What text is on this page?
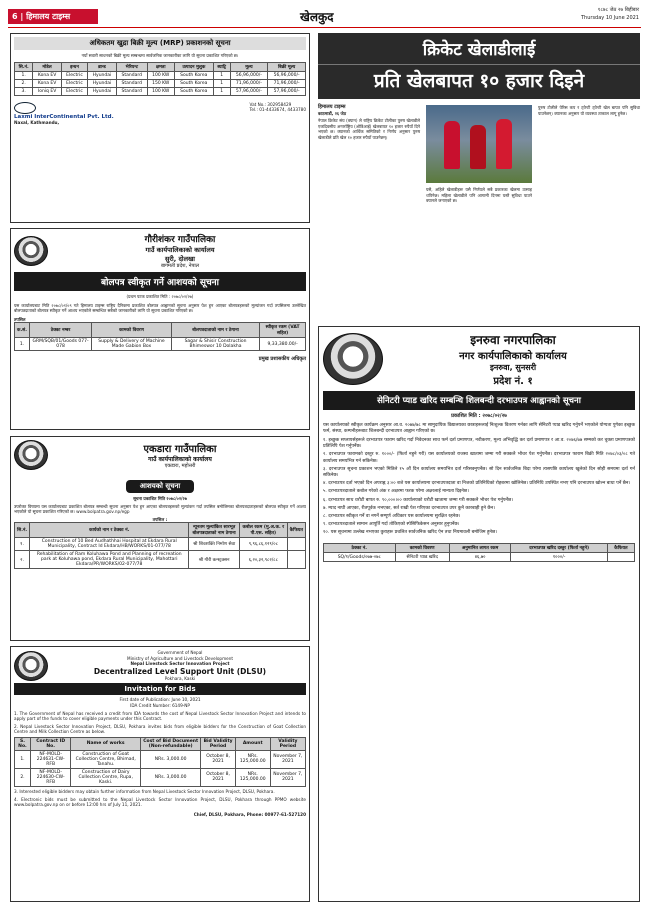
6 | हिमालय टाइम्स	खेलकुद	१८७८ जेठ २७ बिहीबार
Thursday 10 June 2021
अधिकतम खुद्रा बिक्री मूल्य (MRP) प्रकाशनको सूचना
नयाँ सवारी साधनको बिक्री मूल्य सम्बन्धमा सार्वजनिक जानकारीका लागि यो सूचना प्रकाशित गरिएको छ।
सि.नं.	मोडेल	इन्धन	ब्रान्ड	भेरियन्ट	क्षमता	उत्पादन मुलुक	ब्याट्रि	मूल्य	बिक्री मूल्य
1.	Kona EV	Electric	Hyundai	Standard	100 KW	South Korea	1	56,96,000/-	56,96,000/-
2.	Kona EV	Electric	Hyundai	Standard	150 KW	South Korea	1	71,96,000/-	71,96,000/-
3.	Ioniq EV	Electric	Hyundai	Standard	100 KW	South Korea	1	57,96,000/-	57,96,000/-
Laxmi InterContinental Pvt. Ltd.
Naxal, Kathmandu,
Vat No.: 302958429
Tel.: 01-4433674, 4433780
गौरीशंकर गाउँपालिका
गाउँ कार्यपालिकाको कार्यालय
सुरी, दोलखा
बागमती प्रदेश, नेपाल
बोलपत्र स्वीकृत गर्ने आशयको सूचना
(प्रथम पटक प्रकाशित मिति : २०७८/०२/२७)
यस कार्यालयबाट मिति २०७८/०१/०९ गते हिमालय टाइम्स राष्ट्रिय दैनिकमा प्रकाशित बोलपत्र आह्वानको सूचना अनुसार पेश हुन आएका बोलपत्रहरूको मूल्यांकन गर्दा तपसिलमा उल्लेखित बोलपत्रदाताको बोलपत्र स्वीकृत गर्ने आशय भएकोले सम्बन्धित सबैको जानकारीको लागि यो सूचना प्रकाशित गरिएको छ।
तपसिल
क.सं.	ठेक्का नम्बर	कामको विवरण	बोलपत्रदाताको नाम र ठेगाना	स्वीकृत रकम (VAT सहित)
1.	GRM/SQB/01/Goods 077-078	Supply & Delivery of Machine Made Gabion Box	Sagar & Shisir Construction Bhimeswor 10 Dolakha	9,33,380.00/-
प्रमुख प्रशासकीय अधिकृत
एकडारा गाउँपालिका
गाउँ कार्यपालिकाको कार्यालय
एकडारा, महोत्तरी
आशयको सूचना
सूचना प्रकाशित मिति २०७८/०२/२७
उपरोक्त विषयमा यस कार्यालयबाट प्रकाशित बोलपत्र सम्बन्धी सूचना अनुसार पेश हुन आएका बोलपत्रहरूको मूल्यांकन गर्दा तपसिल बमोजिमका बोलपत्रदाताहरूको बोलपत्र स्वीकृत गर्ने आशय भएकोले यो सूचना प्रकाशित गरिएको छ। www.bolpatra.gov.np/egp
तपसिल :
सि.नं.	कार्यको नाम र ठेक्का नं.	न्यूनतम मूल्यांकित सारभूत बोलपत्रदाताको नाम ठेगाना	कबोल रकम (मु.अ.क. र पी.एस. सहित)	कैफियत
१.	Construction of 10 Bed Audhathhai Hospital at Ekdara Rural Municipality, Contract Id Ekdara/HB/WORKS/01-077/78	श्री शिवशक्ति निर्माण सेवा	९,९६,८६,१२९/०८	
२.	Rehabilitation of Ram Koluhawa Pond and Planning of recreation park at Koluhawa pond, Ekdara Rural Municipality, Mahottari Ekdara/PR/WORKS/02-077/78	श्री गौरी कन्स्ट्रक्सन	६,२०,३२,९८२/८८	
Government of Nepal
Ministry of Agriculture and Livestock Development
Nepal Livestock Sector Innovation Project
Decentralized Level Support Unit (DLSU)
Pokhara, Kaski
Invitation for Bids
First date of Publication: June 10, 2021
IDA Credit Number: 6149-NP
1. The Government of Nepal has received a credit from IDA towards the cost of Nepal Livestock Sector Innovation Project and intends to apply part of the funds to cover eligible payments under this Contract.
2. Nepal Livestock Sector Innovation Project, DLSU, Pokhara invites bids from eligible bidders for the Construction of Goat Collection Centre and Milk Collection Centre as below.
S. No.	Contract ID No.	Name of works	Cost of Bid Document (Non-refundable)	Bid Validity Period	Amount	Validity Period
1.	NF-MOLD-224631-CW-RFB	Construction of Goat Collection Centre, Bhimad, Tanahu.	NRs. 3,000.00	October 8, 2021	NRs. 125,000.00	November 7, 2021
2.	NF-MOLD-224630-CW-RFB	Construction of Dairy Collection Centre, Rupa, Kaski.	NRs. 3,000.00	October 8, 2021	NRs. 125,000.00	November 7, 2021
3. Interested eligible bidders may obtain further information from Nepal Livestock Sector Innovation Project, DLSU, Pokhara.
4. Electronic bids must be submitted to the Nepal Livestock Sector Innovation Project, DLSU, Pokhara through PPMO website www.bolpatra.gov.np on or before 12:00 hrs of July 11, 2021.
Chief, DLSU, Pokhara, Phone: 00977-61-527120
क्रिकेट खेलाडीलाई
प्रति खेलबापत १० हजार दिइने
हिमालय टाइम्स
काठमाडौं, २६ जेठ
नेपाल क्रिकेट संघ (क्यान) ले राष्ट्रिय क्रिकेट टोलीका पुरुष खेलाडीले एकदिवसीय अन्तर्राष्ट्रिय (ओडिआई) खेलबापत १० हजार रुपैयाँ दिने भएको छ। क्यानको आर्थिक समितिको र निर्णय अनुसार पुरुष खेलाडीले प्रति खेल १० हजार रुपैयाँ पाउनेछन्।
यसै, अहिले खेलाडीहरू यसै निर्णयले सबै प्रकारका खेलमा उत्साह थपिनेछ। महिला खेलाडीले पनि आगामी दिनमा यस्तै सुविधा पाउने क्यानले जनाएको छ।
पुरुष टोलीले पेरिस कप र ट्वेन्टी ट्वेन्टी खेल बापत पनि सुविधा पाउनेछन्। क्यानका अनुसार यो व्यवस्था तत्काल लागू हुनेछ।
इनरुवा नगरपालिका
नगर कार्यपालिकाको कार्यालय
इनरुवा, सुनसरी
प्रदेश नं. १
सेनिटरी प्याड खरिद सम्बन्धि शिलबन्दी दरभाउपत्र आह्वानको सूचना
प्रकाशित मिति : २०७८/०२/२७
यस कार्यालयको स्वीकृत कार्यक्रम अनुसार आ.व. २०७७/७८ मा सामुदायिक विद्यालयका छात्राहरूलाई निःशुल्क वितरण गर्नका लागि सेनिटरी प्याड खरिद गर्नुपर्ने भएकोले योग्यता पुगेका इच्छुक फर्म, संस्था, कम्पनीहरूबाट शिलबन्दी दरभाउपत्र आह्वान गरिएको छ।
१. इच्छुक सप्लायर्सहरूले दरभाउपत्र फाराम खरिद गर्दा निवेदनका साथ फर्म दर्ता प्रमाणपत्र, नवीकरण, मूल्य अभिवृद्धि कर दर्ता प्रमाणपत्र र आ.व. २०७६/७७ सम्मको कर चुक्ता प्रमाणपत्रको प्रतिलिपि पेश गर्नुपर्नेछ।
२. दरभाउपत्र फारामको दस्तुर रु. १०००/- (फिर्ता नहुने गरी) यस कार्यालयको राजस्व खातामा जम्मा गरी सक्कलै भौचर पेश गर्नुपर्नेछ। दरभाउपत्र फाराम बिक्री मिति २०७८/०३/०८ गते कार्यालय समयभित्र गर्न सकिनेछ।
३. दरभाउपत्र सूचना प्रकाशन भएको मितिले १५ औं दिन कार्यालय समयभित्र दर्ता गरिसक्नुपर्नेछ। सो दिन सार्वजनिक बिदा परेमा त्यसपछि कार्यालय खुलेको दिन सोही समयमा दर्ता गर्न सकिनेछ।
४. दरभाउपत्र दर्ता भएको दिन अपराह्न ३:०० बजे यस कार्यालयमा दरभाउपत्रदाता वा निजको प्रतिनिधिको रोहबरमा खोलिनेछ। प्रतिनिधि उपस्थित नभए पनि दरभाउपत्र खोल्न बाधा पर्ने छैन।
५. दरभाउपत्रदाताले कबोल गरेको अंक र अक्षरमा फरक परेमा अक्षरलाई मान्यता दिइनेछ।
६. दरभाउपत्र साथ धरौटी बापत रु. ९०,०००।०० कार्यालयको धरौटी खातामा जम्मा गरी सक्कलै भौचर पेश गर्नुपर्नेछ।
७. म्याद नाघी आएका, रीतपूर्वक नभएका, सर्त राखी पेश गरिएका दरभाउपत्र उपर कुनै कारबाही हुने छैन।
८. दरभाउपत्र स्वीकृत गर्ने वा नगर्ने सम्पूर्ण अधिकार यस कार्यालयमा सुरक्षित रहनेछ।
९. दरभाउपत्रदाताले सामान आपूर्ति गर्दा तोकिएको स्पेसिफिकेसन अनुसार हुनुपर्नेछ।
१०. यस सूचनामा उल्लेख नभएका कुराहरू प्रचलित सार्वजनिक खरिद ऐन तथा नियमावली बमोजिम हुनेछ।
ठेक्का नं.	कामको विवरण	अनुमानित लागत रकम	दरभाउपत्र खरिद दस्तुर (फिर्ता नहुने)	कैफियत
SQ/१/Goods/०७७-०७८	सेनिटरी प्याड खरिद	४६,७०	१०००/-	
